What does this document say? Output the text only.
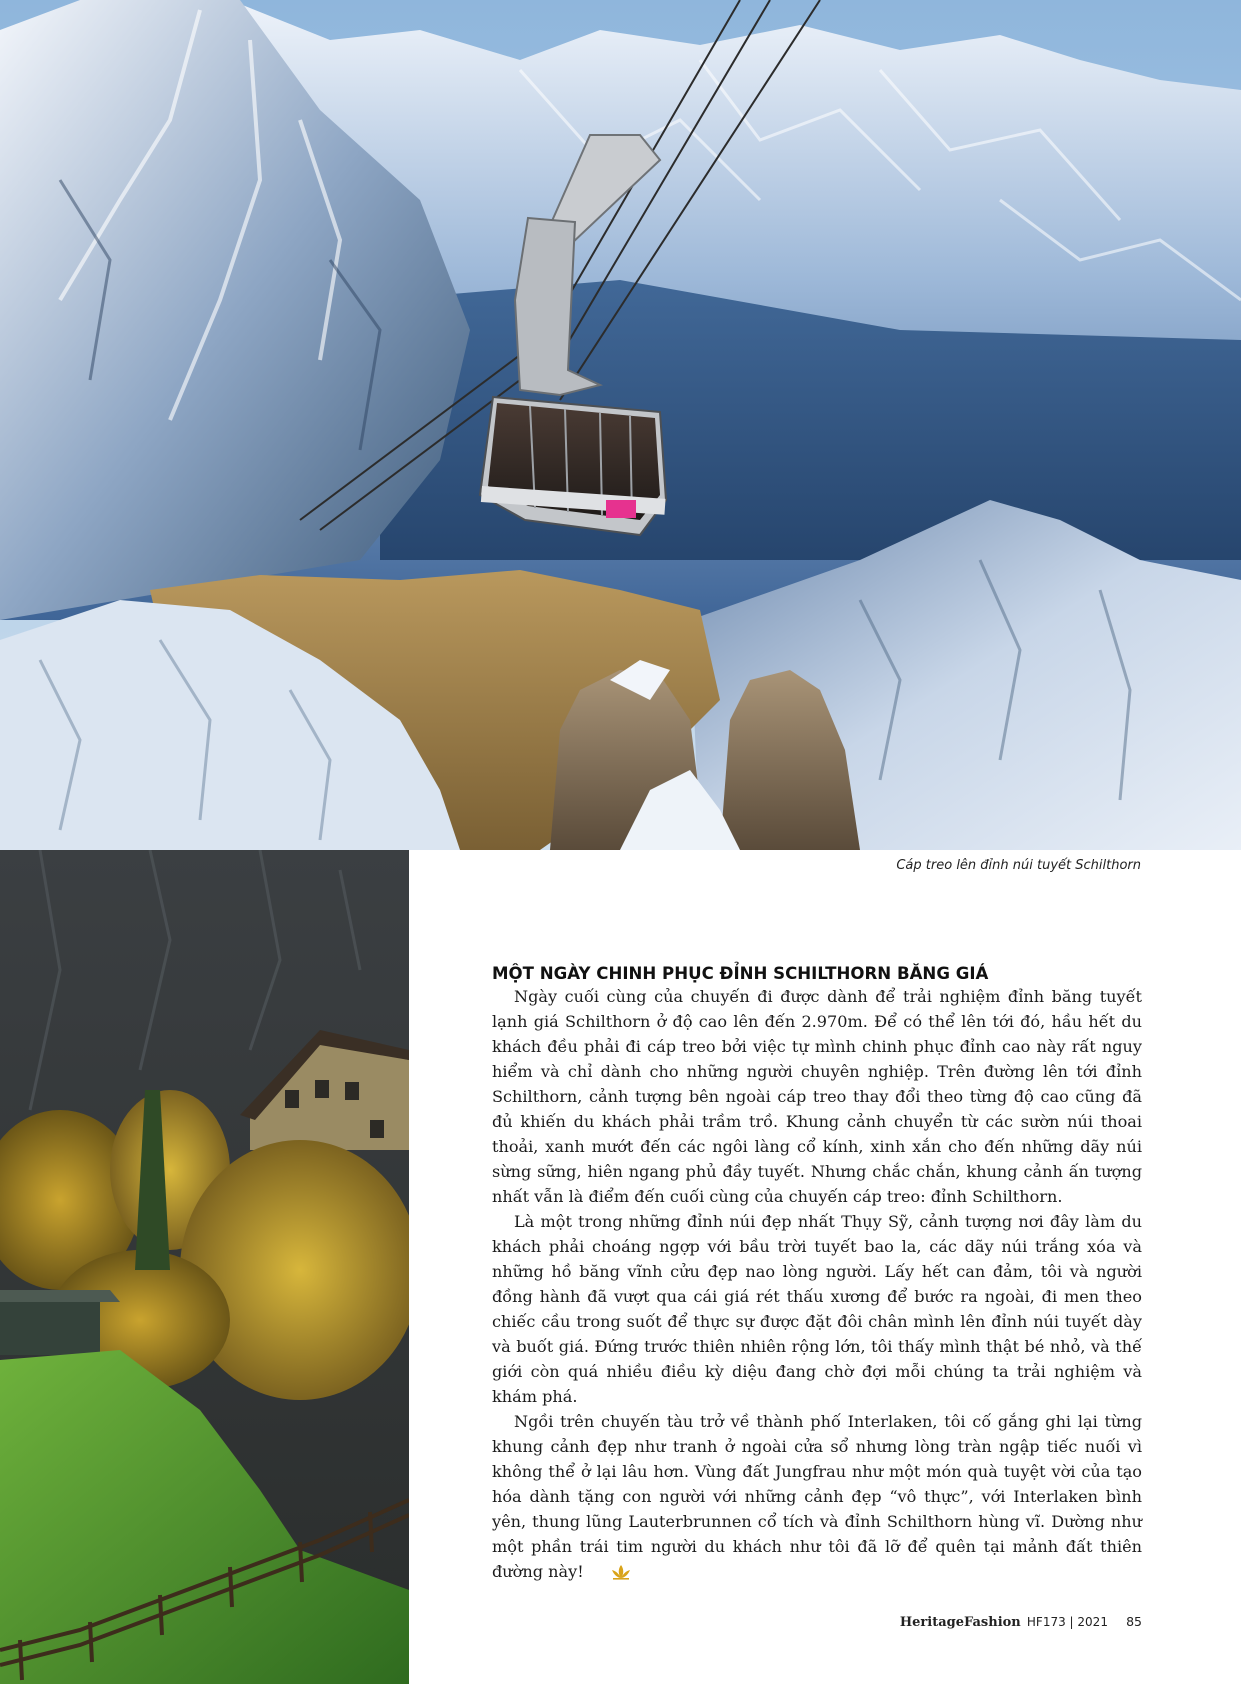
Cáp treo lên đỉnh núi tuyết Schilthorn
MỘT NGÀY CHINH PHỤC ĐỈNH SCHILTHORN BĂNG GIÁ

Ngày cuối cùng của chuyến đi được dành để trải nghiệm đỉnh băng tuyết lạnh giá Schilthorn ở độ cao lên đến 2.970m. Để có thể lên tới đó, hầu hết du khách đều phải đi cáp treo bởi việc tự mình chinh phục đỉnh cao này rất nguy hiểm và chỉ dành cho những người chuyên nghiệp. Trên đường lên tới đỉnh Schilthorn, cảnh tượng bên ngoài cáp treo thay đổi theo từng độ cao cũng đã đủ khiến du khách phải trầm trồ. Khung cảnh chuyển từ các sườn núi thoai thoải, xanh mướt đến các ngôi làng cổ kính, xinh xắn cho đến những dãy núi sừng sững, hiên ngang phủ đầy tuyết. Nhưng chắc chắn, khung cảnh ấn tượng nhất vẫn là điểm đến cuối cùng của chuyến cáp treo: đỉnh Schilthorn.

Là một trong những đỉnh núi đẹp nhất Thụy Sỹ, cảnh tượng nơi đây làm du khách phải choáng ngợp với bầu trời tuyết bao la, các dãy núi trắng xóa và những hồ băng vĩnh cửu đẹp nao lòng người. Lấy hết can đảm, tôi và người đồng hành đã vượt qua cái giá rét thấu xương để bước ra ngoài, đi men theo chiếc cầu trong suốt để thực sự được đặt đôi chân mình lên đỉnh núi tuyết dày và buốt giá. Đứng trước thiên nhiên rộng lớn, tôi thấy mình thật bé nhỏ, và thế giới còn quá nhiều điều kỳ diệu đang chờ đợi mỗi chúng ta trải nghiệm và khám phá.

Ngồi trên chuyến tàu trở về thành phố Interlaken, tôi cố gắng ghi lại từng khung cảnh đẹp như tranh ở ngoài cửa sổ nhưng lòng tràn ngập tiếc nuối vì không thể ở lại lâu hơn. Vùng đất Jungfrau như một món quà tuyệt vời của tạo hóa dành tặng con người với những cảnh đẹp “vô thực”, với Interlaken bình yên, thung lũng Lauterbrunnen cổ tích và đỉnh Schilthorn hùng vĩ. Dường như một phần trái tim người du khách như tôi đã lỡ để quên tại mảnh đất thiên đường này!

HeritageFashion HF173 | 2021 85
